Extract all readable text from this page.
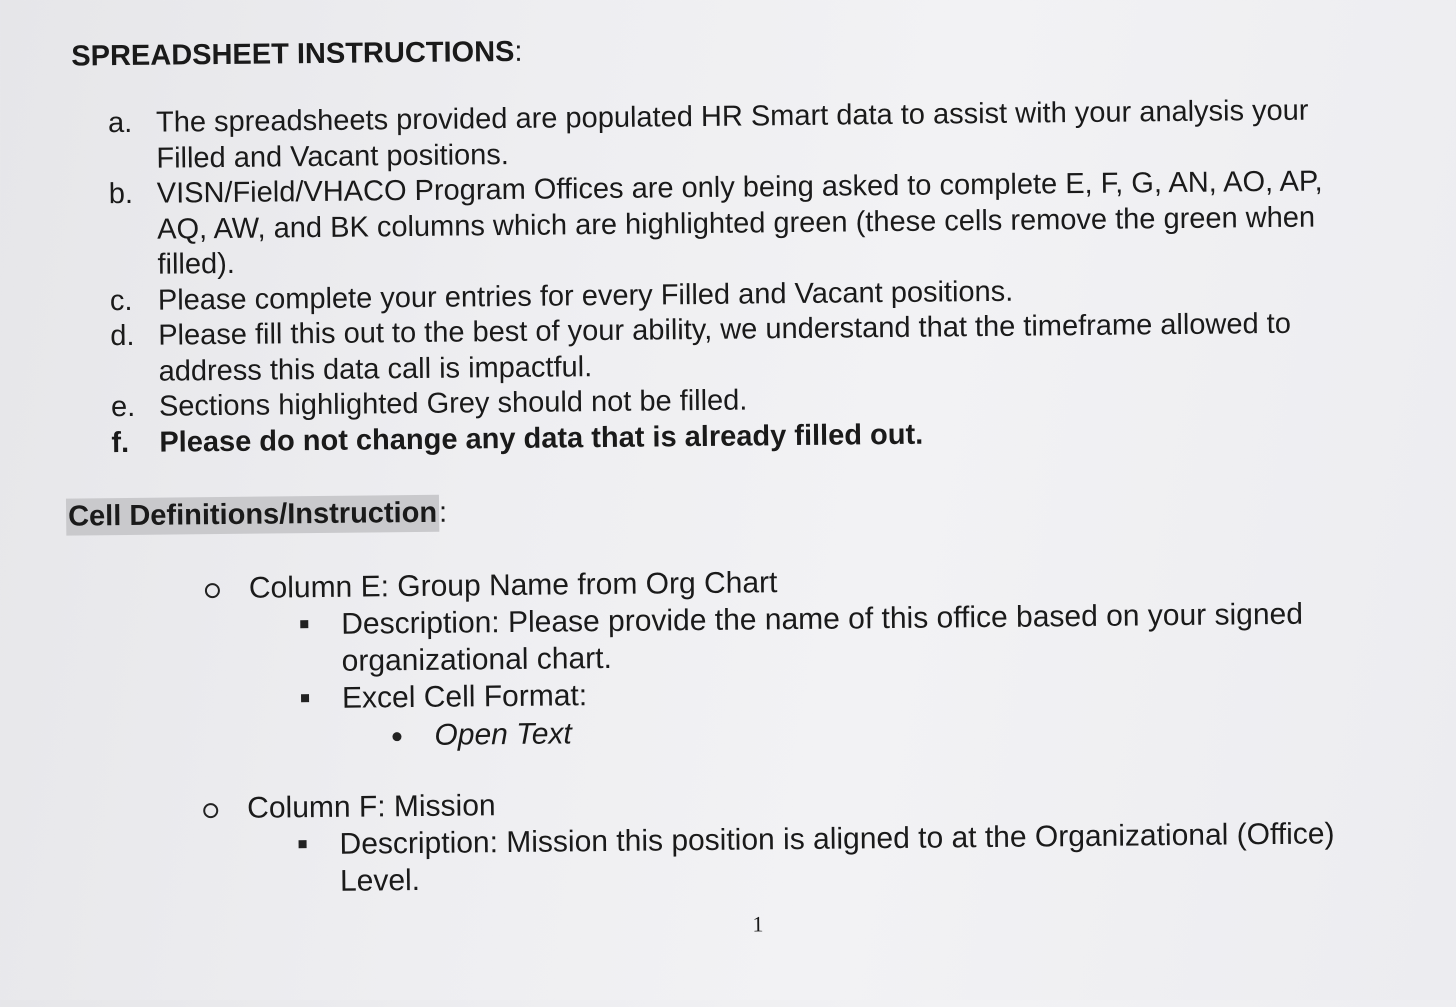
SPREADSHEET INSTRUCTIONS:
a. The spreadsheets provided are populated HR Smart data to assist with your analysis your Filled and Vacant positions.
b. VISN/Field/VHACO Program Offices are only being asked to complete E, F, G, AN, AO, AP, AQ, AW, and BK columns which are highlighted green (these cells remove the green when filled).
c. Please complete your entries for every Filled and Vacant positions.
d. Please fill this out to the best of your ability, we understand that the timeframe allowed to address this data call is impactful.
e. Sections highlighted Grey should not be filled.
f.	Please do not change any data that is already filled out.
Cell Definitions/Instruction:
Column E: Group Name from Org Chart
Description: Please provide the name of this office based on your signed organizational chart.
Excel Cell Format:
Open Text
Column F: Mission
Description: Mission this position is aligned to at the Organizational (Office) Level.
1
